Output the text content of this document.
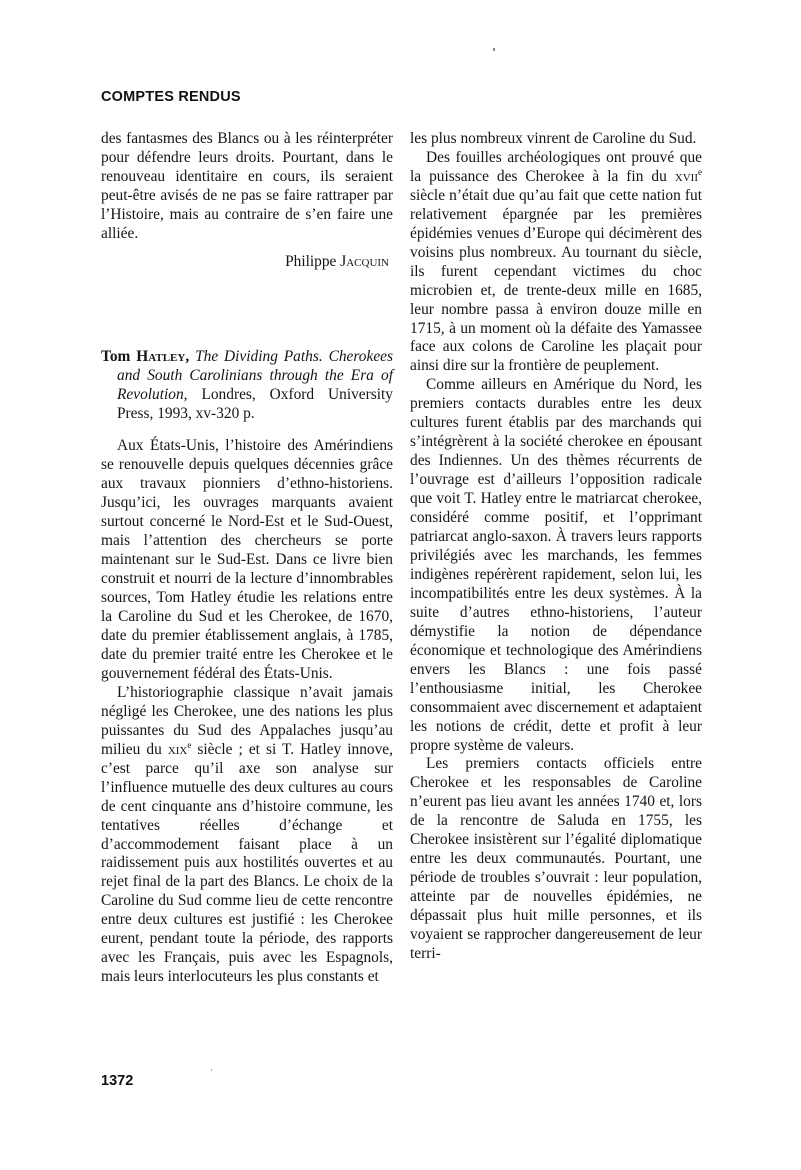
COMPTES RENDUS

des fantasmes des Blancs ou à les réinterpréter pour défendre leurs droits. Pourtant, dans le renouveau identitaire en cours, ils seraient peut-être avisés de ne pas se faire rattraper par l’Histoire, mais au contraire de s’en faire une alliée.

Philippe Jacquin

Tom Hatley, The Dividing Paths. Cherokees and South Carolinians through the Era of Revolution, Londres, Oxford University Press, 1993, xv-320 p.

Aux États-Unis, l’histoire des Amérindiens se renouvelle depuis quelques décennies grâce aux travaux pionniers d’ethno-historiens. Jusqu’ici, les ouvrages marquants avaient surtout concerné le Nord-Est et le Sud-Ouest, mais l’attention des chercheurs se porte maintenant sur le Sud-Est. Dans ce livre bien construit et nourri de la lecture d’innombrables sources, Tom Hatley étudie les relations entre la Caroline du Sud et les Cherokee, de 1670, date du premier établissement anglais, à 1785, date du premier traité entre les Cherokee et le gouvernement fédéral des États-Unis.

L’historiographie classique n’avait jamais négligé les Cherokee, une des nations les plus puissantes du Sud des Appalaches jusqu’au milieu du xix$^e$ siècle ; et si T. Hatley innove, c’est parce qu’il axe son analyse sur l’influence mutuelle des deux cultures au cours de cent cinquante ans d’histoire commune, les tentatives réelles d’échange et d’accommodement faisant place à un raidissement puis aux hostilités ouvertes et au rejet final de la part des Blancs. Le choix de la Caroline du Sud comme lieu de cette rencontre entre deux cultures est justifié : les Cherokee eurent, pendant toute la période, des rapports avec les Français, puis avec les Espagnols, mais leurs interlocuteurs les plus constants et

les plus nombreux vinrent de Caroline du Sud.

Des fouilles archéologiques ont prouvé que la puissance des Cherokee à la fin du xvii$^e$ siècle n’était due qu’au fait que cette nation fut relativement épargnée par les premières épidémies venues d’Europe qui décimèrent des voisins plus nombreux. Au tournant du siècle, ils furent cependant victimes du choc microbien et, de trente-deux mille en 1685, leur nombre passa à environ douze mille en 1715, à un moment où la défaite des Yamassee face aux colons de Caroline les plaçait pour ainsi dire sur la frontière de peuplement.

Comme ailleurs en Amérique du Nord, les premiers contacts durables entre les deux cultures furent établis par des marchands qui s’intégrèrent à la société cherokee en épousant des Indiennes. Un des thèmes récurrents de l’ouvrage est d’ailleurs l’opposition radicale que voit T. Hatley entre le matriarcat cherokee, considéré comme positif, et l’opprimant patriarcat anglo-saxon. À travers leurs rapports privilégiés avec les marchands, les femmes indigènes repérèrent rapidement, selon lui, les incompatibilités entre les deux systèmes. À la suite d’autres ethno-historiens, l’auteur démystifie la notion de dépendance économique et technologique des Amérindiens envers les Blancs : une fois passé l’enthousiasme initial, les Cherokee consommaient avec discernement et adaptaient les notions de crédit, dette et profit à leur propre système de valeurs.

Les premiers contacts officiels entre Cherokee et les responsables de Caroline n’eurent pas lieu avant les années 1740 et, lors de la rencontre de Saluda en 1755, les Cherokee insistèrent sur l’égalité diplomatique entre les deux communautés. Pourtant, une période de troubles s’ouvrait : leur population, atteinte par de nouvelles épidémies, ne dépassait plus huit mille personnes, et ils voyaient se rapprocher dangereusement de leur terri-

1372
